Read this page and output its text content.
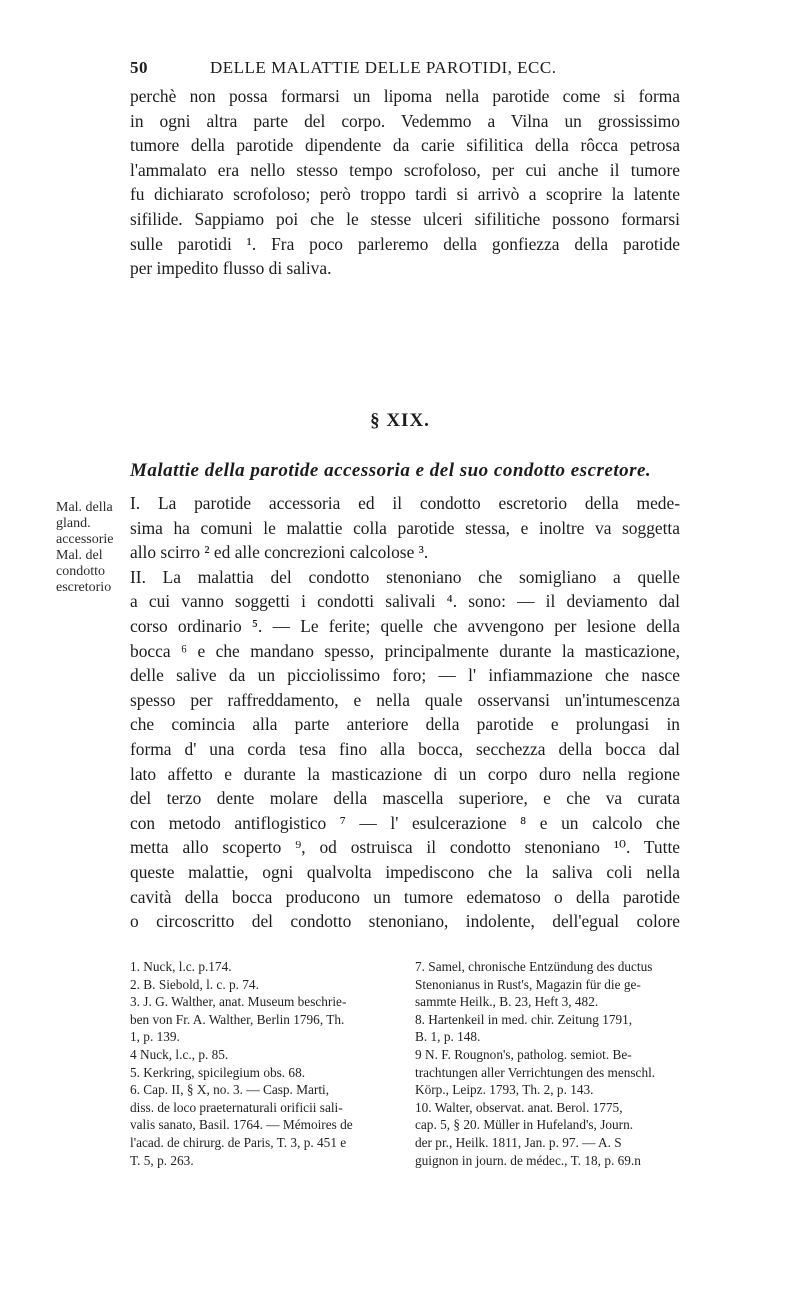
50	DELLE MALATTIE DELLE PAROTIDI, ECC.
perchè non possa formarsi un lipoma nella parotide come si forma
in ogni altra parte del corpo. Vedemmo a Vilna un grossissimo
tumore della parotide dipendente da carie sifilitica della rôcca petrosa
l'ammalato era nello stesso tempo scrofoloso, per cui anche il tumore
fu dichiarato scrofoloso; però troppo tardi si arrivò a scoprire la latente
sifilide. Sappiamo poi che le stesse ulceri sifilitiche possono formarsi
sulle parotidi ¹. Fra poco parleremo della gonfiezza della parotide
per impedito flusso di saliva.
§ XIX.
Malattie della parotide accessoria e del suo condotto escretore.
Mal. della gland. accessorie
Mal. del condotto escretorio
I. La parotide accessoria ed il condotto escretorio della mede-
sima ha comuni le malattie colla parotide stessa, e inoltre va soggetta
allo scirro ² ed alle concrezioni calcolose ³.
II. La malattia del condotto stenoniano che somigliano a quelle
a cui vanno soggetti i condotti salivali ⁴. sono: — il deviamento dal
corso ordinario ⁵. — Le ferite; quelle che avvengono per lesione della
bocca ⁶ e che mandano spesso, principalmente durante la masticazione,
delle salive da un picciolissimo foro; — l' infiammazione che nasce
spesso per raffreddamento, e nella quale osservansi un'intumescenza
che comincia alla parte anteriore della parotide e prolungasi in
forma d' una corda tesa fino alla bocca, secchezza della bocca dal
lato affetto e durante la masticazione di un corpo duro nella regione
del terzo dente molare della mascella superiore, e che va curata
con metodo antiflogistico ⁷ — l' esulcerazione ⁸ e un calcolo che
metta allo scoperto ⁹, od ostruisca il condotto stenoniano ¹⁰. Tutte
queste malattie, ogni qualvolta impediscono che la saliva coli nella
cavità della bocca producono un tumore edematoso o della parotide
o circoscritto del condotto stenoniano, indolente, dell'egual colore
1. Nuck, l.c. p.174.
2. B. Siebold, l. c. p. 74.
3. J. G. Walther, anat. Museum beschrie-
ben von Fr. A. Walther, Berlin 1796, Th.
1, p. 139.
4 Nuck, l.c., p. 85.
5. Kerkring, spicilegium obs. 68.
6. Cap. II, § X, no. 3. — Casp. Marti,
diss. de loco praeternaturali orificii sali-
valis sanato, Basil. 1764. — Mémoires de
l'acad. de chirurg. de Paris, T. 3, p. 451 e
T. 5, p. 263.
7. Samel, chronische Entzündung des ductus
Stenonianus in Rust's, Magazin für die ge-
sammte Heilk., B. 23, Heft 3, 482.
8. Hartenkeil in med. chir. Zeitung 1791,
B. 1, p. 148.
9 N. F. Rougnon's, patholog. semiot. Be-
trachtungen aller Verrichtungen des menschl.
Körp., Leipz. 1793, Th. 2, p. 143.
10. Walter, observat. anat. Berol. 1775,
cap. 5, § 20. Müller in Hufeland's, Journ.
der pr., Heilk. 1811, Jan. p. 97. — A. S
guignon in journ. de médec., T. 18, p. 69.n
